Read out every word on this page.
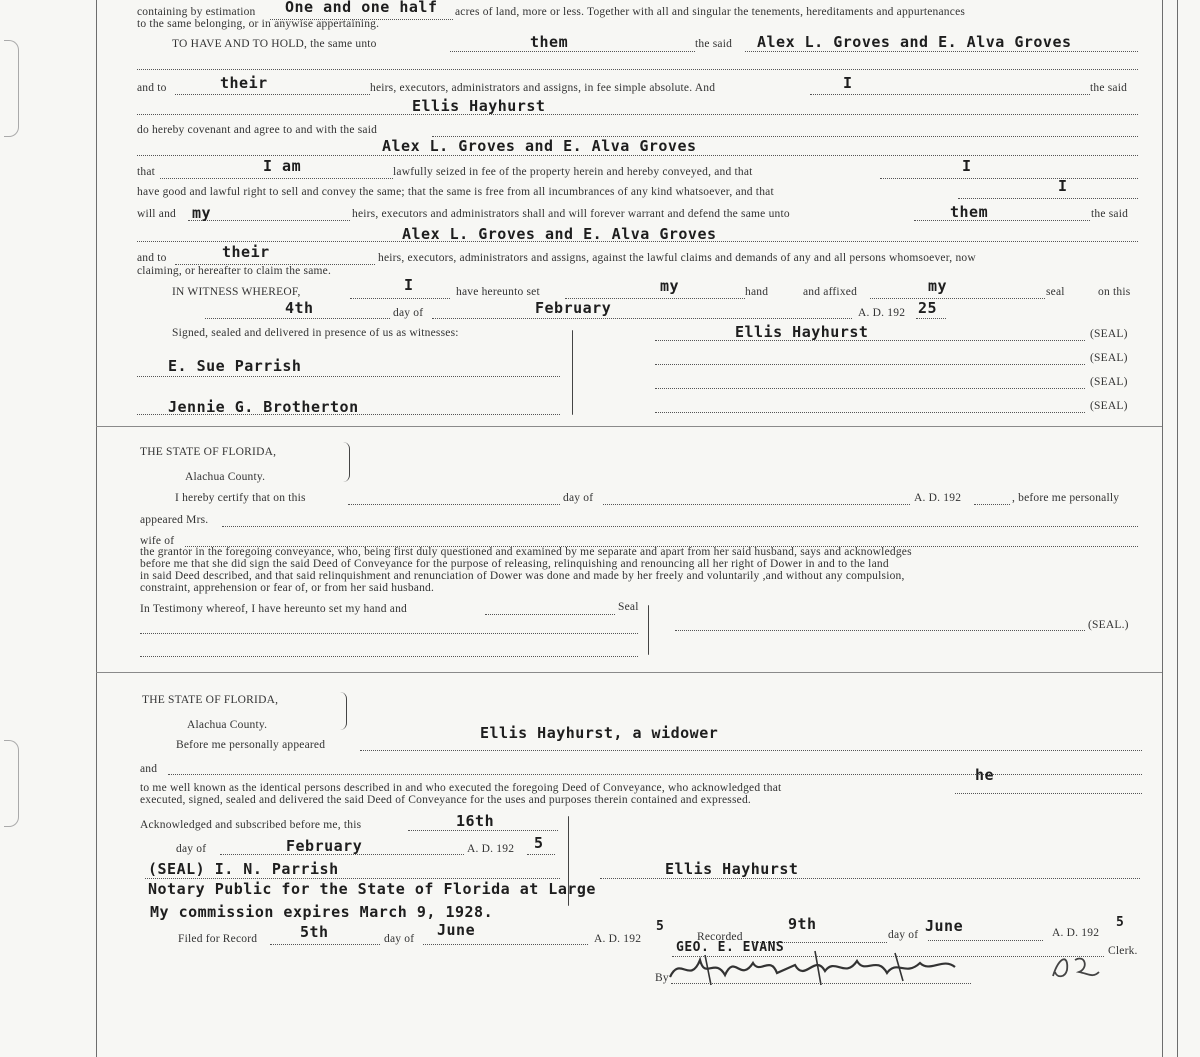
containing by estimation One and one half acres of land, more or less. Together with all and singular the tenements, hereditaments and appurtenances
to the same belonging, or in anywise appertaining.
TO HAVE AND TO HOLD, the same unto	them	the said Alex L. Groves and E. Alva Groves
and to	their	heirs, executors, administrators and assigns, in fee simple absolute. And	I	the said
Ellis Hayhurst
do hereby covenant and agree to and with the said
Alex L. Groves and E. Alva Groves
that	I am	lawfully seized in fee of the property herein and hereby conveyed, and that	I
have good and lawful right to sell and convey the same; that the same is free from all incumbrances of any kind whatsoever, and that	I
will and my	heirs, executors and administrators shall and will forever warrant and defend the same unto	them	the said
Alex L. Groves and E. Alva Groves
and to	their	heirs, executors, administrators and assigns, against the lawful claims and demands of any and all persons whomsoever, now
claiming, or hereafter to claim the same.
IN WITNESS WHEREOF,	I	have hereunto set	my	hand	and affixed	my	seal	on this
4th	day of	February	A. D. 192 25
Signed, sealed and delivered in presence of us as witnesses:	Ellis Hayhurst	(SEAL)
(SEAL)
(SEAL)
(SEAL)
E. Sue Parrish
Jennie G. Brotherton
THE STATE OF FLORIDA,
Alachua County.
I hereby certify that on this	day of	A. D. 192	, before me personally
appeared Mrs.
wife of
the grantor in the foregoing conveyance, who, being first duly questioned and examined by me separate and apart from her said husband, says and acknowledges
before me that she did sign the said Deed of Conveyance for the purpose of releasing, relinquishing and renouncing all her right of Dower in and to the land
in said Deed described, and that said relinquishment and renunciation of Dower was done and made by her freely and voluntarily ,and without any compulsion,
constraint, apprehension or fear of, or from her said husband.
In Testimony whereof, I have hereunto set my hand and	Seal
(SEAL.)
THE STATE OF FLORIDA,
Alachua County.
Before me personally appeared
Ellis Hayhurst, a widower
and
to me well known as the identical persons described in and who executed the foregoing Deed of Conveyance, who acknowledged that
he
executed, signed, sealed and delivered the said Deed of Conveyance for the uses and purposes therein contained and expressed.
Acknowledged and subscribed before me, this	16th
day of	February	A. D. 192 5
(SEAL) I. N. Parrish	Ellis Hayhurst
Notary Public for the State of Florida at Large
My commission expires March 9, 1928.
Filed for Record	5th	day of June	A. D. 192
5
Recorded
9th
day of June	A. D. 192
5
GEO. E. EVANS	Clerk.
By
